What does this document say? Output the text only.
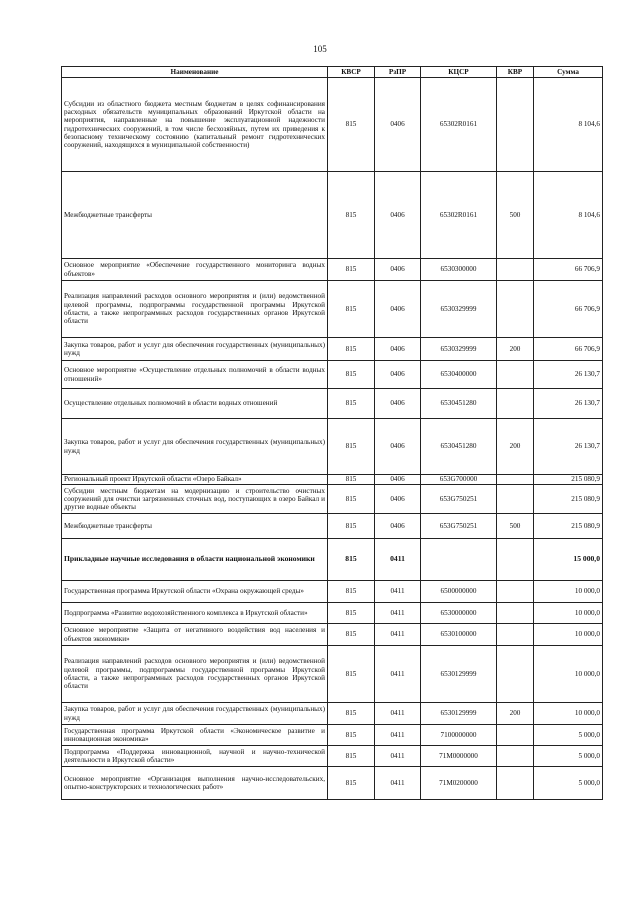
105
Наименование	КВСР	РзПР	КЦСР	КВР	Сумма
Субсидии из областного бюджета местным бюджетам в целях софинансирования расходных обязательств муниципальных образований Иркутской области на мероприятия, направленные на повышение эксплуатационной надежности гидротехнических сооружений, в том числе бесхозяйных, путем их приведения к безопасному техническому состоянию (капитальный ремонт гидротехнических сооружений, находящихся в муниципальной собственности)	815	0406	65302R0161		8 104,6
Межбюджетные трансферты	815	0406	65302R0161	500	8 104,6
Основное мероприятие «Обеспечение государственного мониторинга водных объектов»	815	0406	6530300000		66 706,9
Реализация направлений расходов основного мероприятия и (или) ведомственной целевой программы, подпрограммы государственной программы Иркутской области, а также непрограммных расходов государственных органов Иркутской области	815	0406	6530329999		66 706,9
Закупка товаров, работ и услуг для обеспечения государственных (муниципальных) нужд	815	0406	6530329999	200	66 706,9
Основное мероприятие «Осуществление отдельных полномочий в области водных отношений»	815	0406	6530400000		26 130,7
Осуществление отдельных полномочий в области водных отношений	815	0406	6530451280		26 130,7
Закупка товаров, работ и услуг для обеспечения государственных (муниципальных) нужд	815	0406	6530451280	200	26 130,7
Региональный проект Иркутской области «Озеро Байкал»	815	0406	653G700000		215 080,9
Субсидии местным бюджетам на модернизацию и строительство очистных сооружений для очистки загрязненных сточных вод, поступающих в озеро Байкал и другие водные объекты	815	0406	653G750251		215 080,9
Межбюджетные трансферты	815	0406	653G750251	500	215 080,9
Прикладные научные исследования в области национальной экономики	815	0411			15 000,0
Государственная программа Иркутской области «Охрана окружающей среды»	815	0411	6500000000		10 000,0
Подпрограмма «Развитие водохозяйственного комплекса в Иркутской области»	815	0411	6530000000		10 000,0
Основное мероприятие «Защита от негативного воздействия вод населения и объектов экономики»	815	0411	6530100000		10 000,0
Реализация направлений расходов основного мероприятия и (или) ведомственной целевой программы, подпрограммы государственной программы Иркутской области, а также непрограммных расходов государственных органов Иркутской области	815	0411	6530129999		10 000,0
Закупка товаров, работ и услуг для обеспечения государственных (муниципальных) нужд	815	0411	6530129999	200	10 000,0
Государственная программа Иркутской области «Экономическое развитие и инновационная экономика»	815	0411	7100000000		5 000,0
Подпрограмма «Поддержка инновационной, научной и научно-технической деятельности в Иркутской области»	815	0411	71М0000000		5 000,0
Основное мероприятие «Организация выполнения научно-исследовательских, опытно-конструкторских и технологических работ»	815	0411	71М0200000		5 000,0
